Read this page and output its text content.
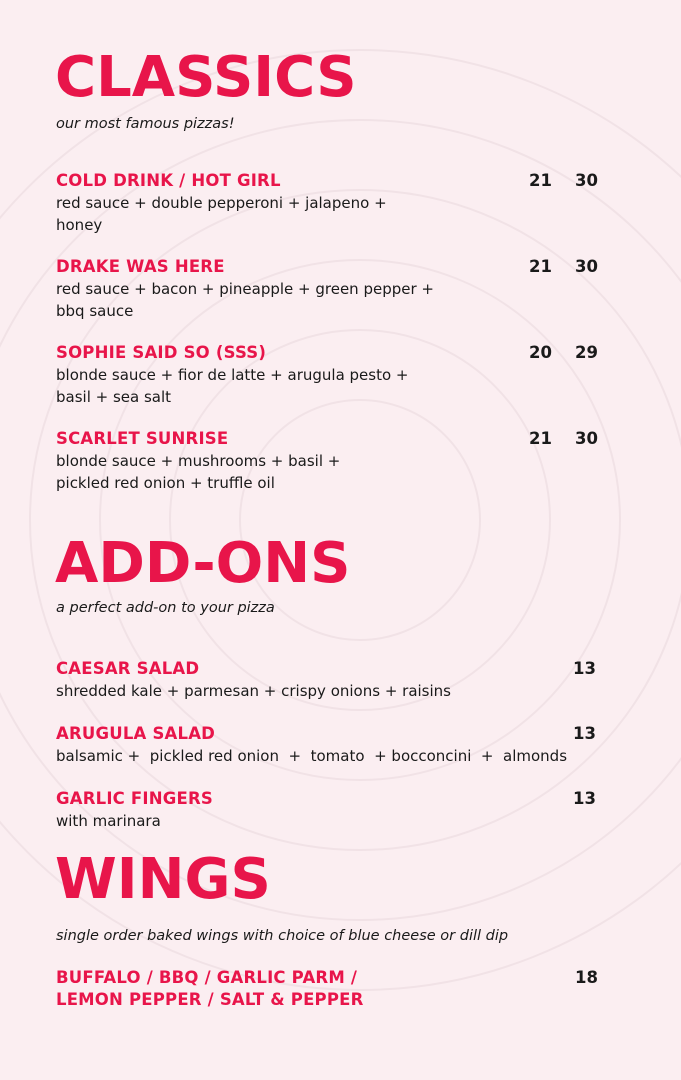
CLASSICS

our most famous pizzas!

COLD DRINK / HOT GIRL
red sauce + double pepperoni + jalapeno +
honey
21	30
DRAKE WAS HERE
red sauce + bacon + pineapple + green pepper +
bbq sauce
21	30
SOPHIE SAID SO (SSS)
blonde sauce + fior de latte + arugula pesto +
basil + sea salt
20	29
SCARLET SUNRISE
blonde sauce + mushrooms + basil +
pickled red onion + truffle oil
21	30
ADD-ONS

a perfect add-on to your pizza

CAESAR SALAD
shredded kale + parmesan + crispy onions + raisins
13
ARUGULA SALAD
balsamic +  pickled red onion  +  tomato  + bocconcini  +  almonds
13
GARLIC FINGERS
with marinara
13
WINGS

single order baked wings with choice of blue cheese or dill dip

BUFFALO / BBQ / GARLIC PARM /
LEMON PEPPER / SALT & PEPPER
18
